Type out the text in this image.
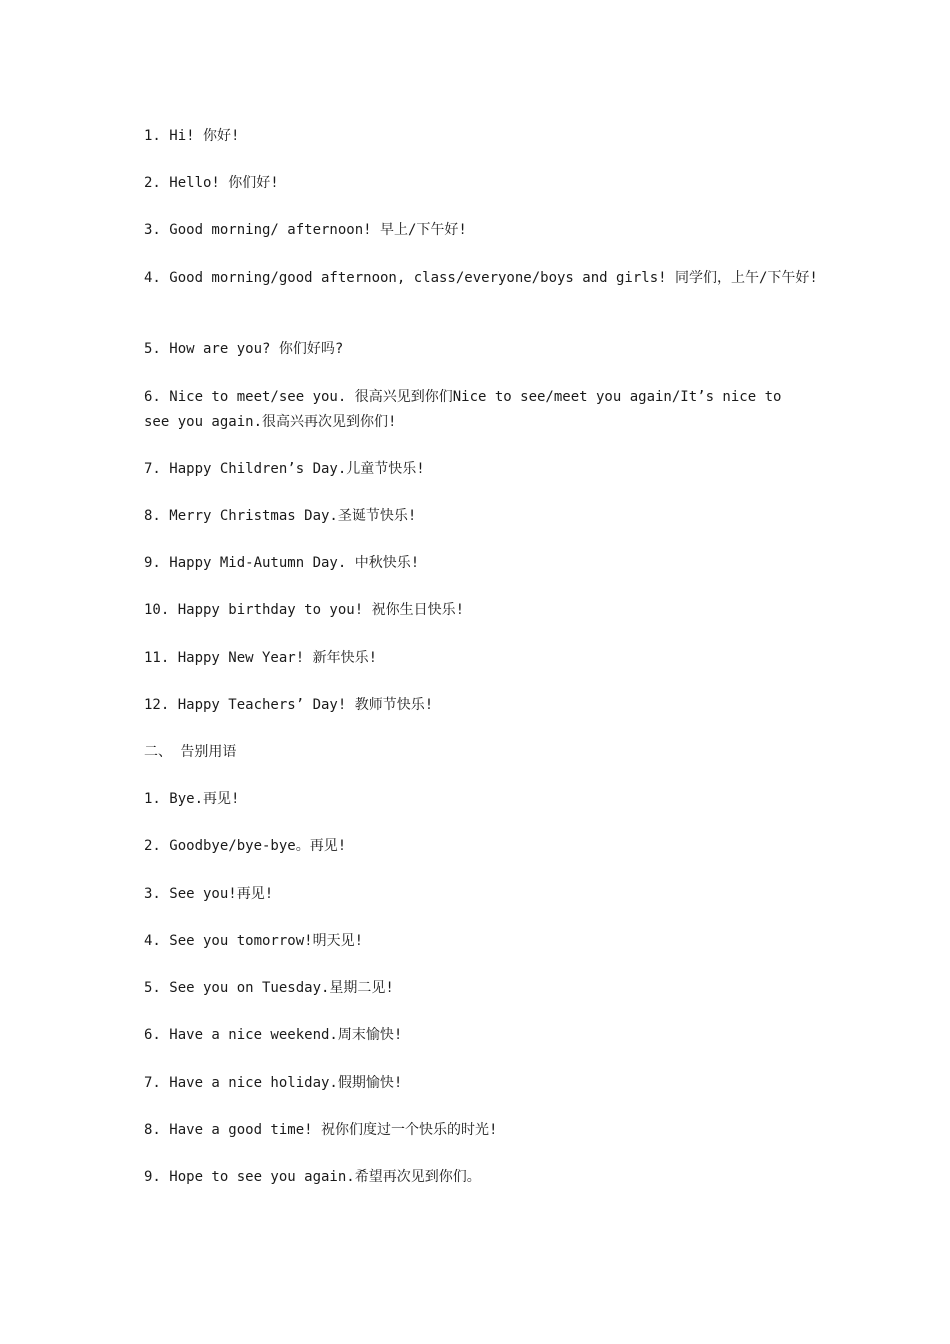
1. Hi! 你好!

2. Hello! 你们好!

3. Good morning/ afternoon! 早上/下午好!

4. Good morning/good afternoon, class/everyone/boys and girls! 同学们，上午/下午好!

5. How are you? 你们好吗?

6. Nice to meet/see you. 很高兴见到你们Nice to see/meet you again/It’s nice to see you again.很高兴再次见到你们!

7. Happy Children’s Day.儿童节快乐!

8. Merry Christmas Day.圣诞节快乐!

9. Happy Mid-Autumn Day. 中秋快乐!

10. Happy birthday to you! 祝你生日快乐!

11. Happy New Year! 新年快乐!

12. Happy Teachers’ Day! 教师节快乐!

二、 告别用语

1. Bye.再见!

2. Goodbye/bye-bye。再见!

3. See you!再见!

4. See you tomorrow!明天见!

5. See you on Tuesday.星期二见!

6. Have a nice weekend.周末愉快!

7. Have a nice holiday.假期愉快!

8. Have a good time! 祝你们度过一个快乐的时光!

9. Hope to see you again.希望再次见到你们。
